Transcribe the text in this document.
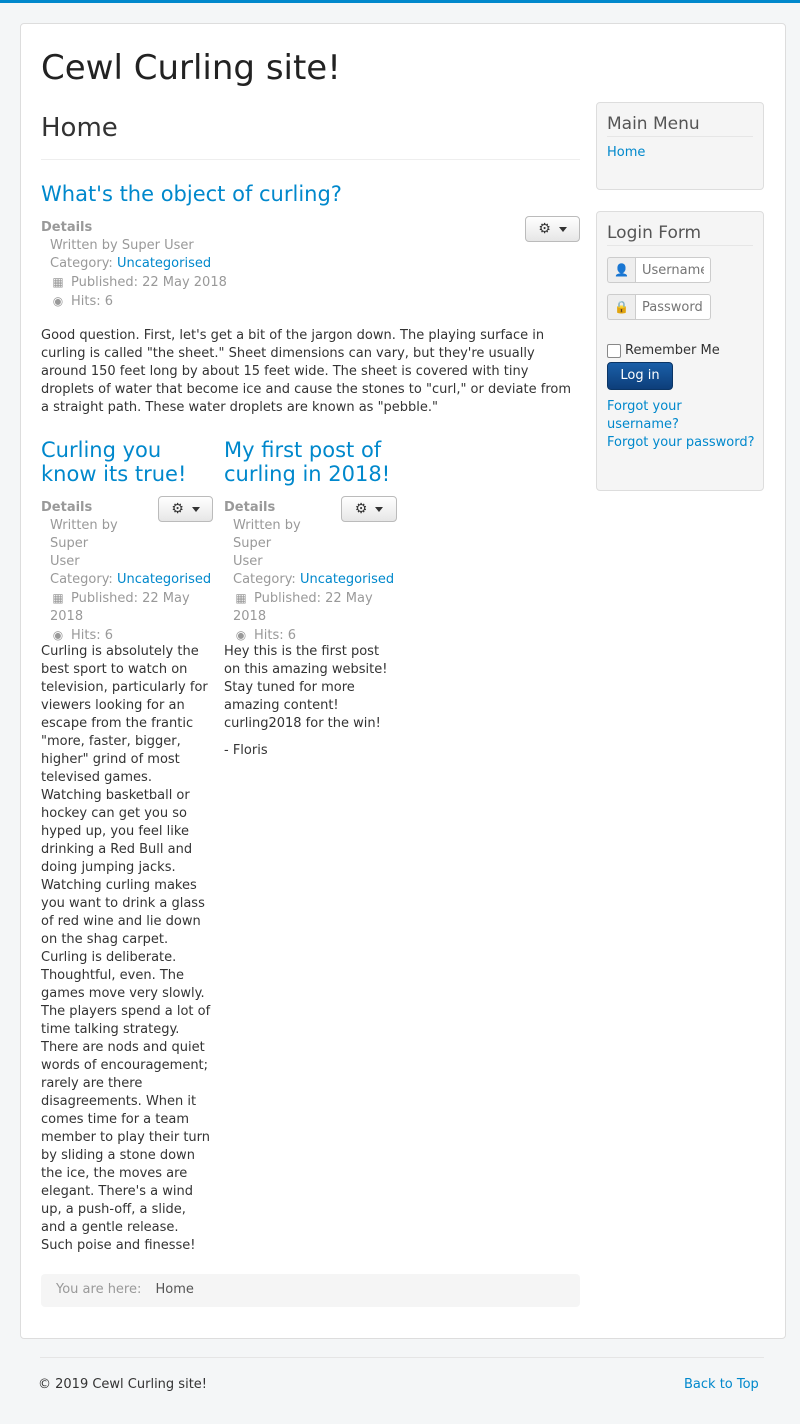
Cewl Curling site!
Home
What's the object of curling?
⚙
Details
Written by Super User
Category: Uncategorised
▦ Published: 22 May 2018
◉ Hits: 6

Good question. First, let's get a bit of the jargon down. The playing surface in curling is called "the sheet." Sheet dimensions can vary, but they're usually around 150 feet long by about 15 feet wide. The sheet is covered with tiny droplets of water that become ice and cause the stones to "curl," or deviate from a straight path. These water droplets are known as "pebble."

Curling you know its true!
⚙
Details
Written by Super User
Category: Uncategorised
▦ Published: 22 May 2018
◉ Hits: 6

Curling is absolutely the best sport to watch on television, particularly for viewers looking for an escape from the frantic "more, faster, bigger, higher" grind of most televised games. Watching basketball or hockey can get you so hyped up, you feel like drinking a Red Bull and doing jumping jacks. Watching curling makes you want to drink a glass of red wine and lie down on the shag carpet. Curling is deliberate. Thoughtful, even. The games move very slowly. The players spend a lot of time talking strategy. There are nods and quiet words of encouragement; rarely are there disagreements. When it comes time for a team member to play their turn by sliding a stone down the ice, the moves are elegant. There's a wind up, a push-off, a slide, and a gentle release. Such poise and finesse!

My first post of curling in 2018!
⚙
Details
Written by Super User
Category: Uncategorised
▦ Published: 22 May 2018
◉ Hits: 6

Hey this is the first post on this amazing website! Stay tuned for more amazing content! curling2018 for the win!

- Floris

Main Menu
Home
Login Form
👤
Username
🔒
Remember Me
Log in
Forgot your username?
Forgot your password?
You are here: Home
© 2019 Cewl Curling site!	Back to Top
